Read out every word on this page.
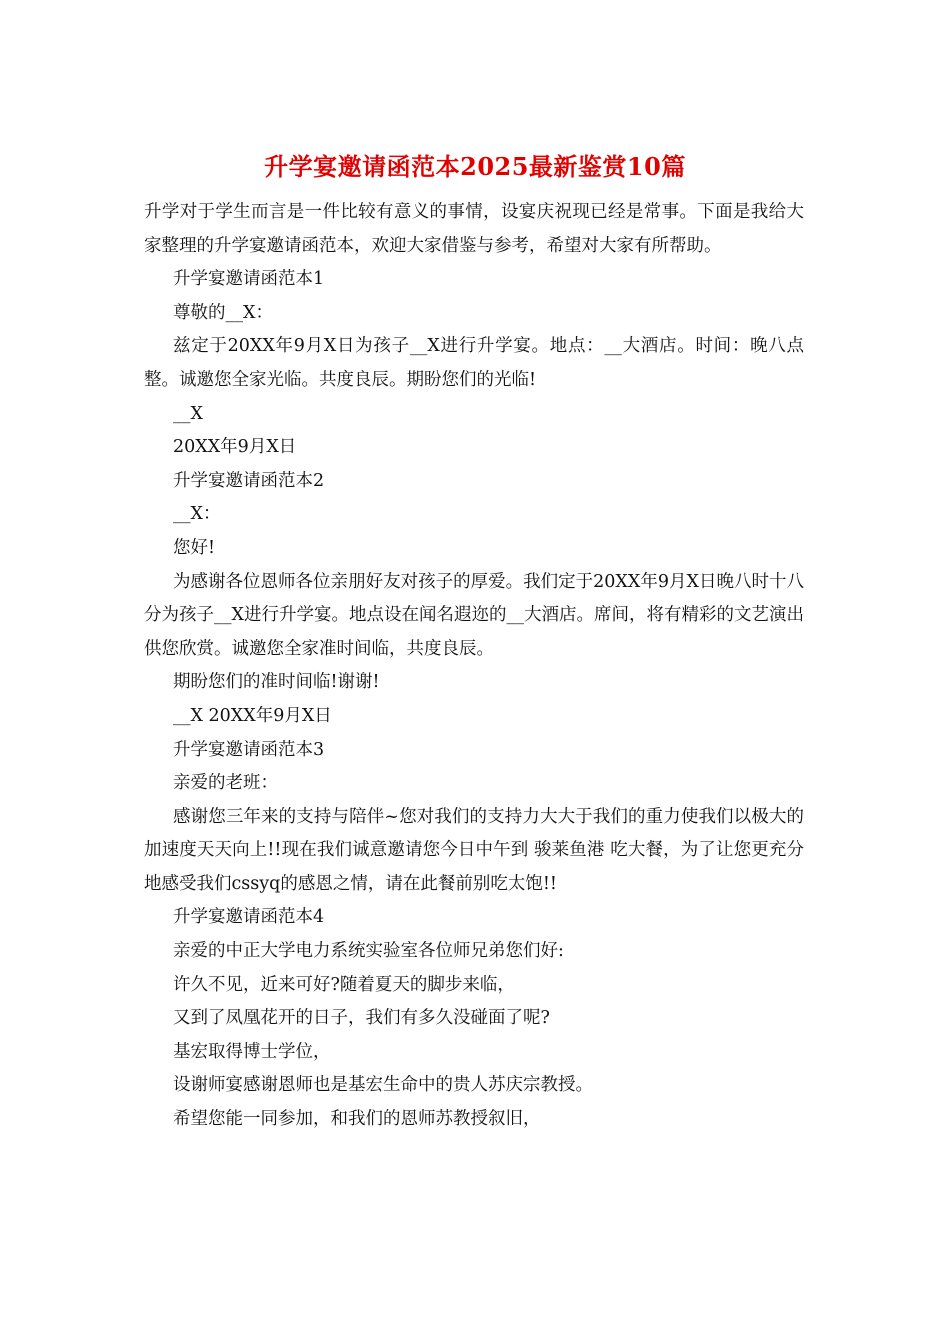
升学宴邀请函范本2025最新鉴赏10篇

升学对于学生而言是一件比较有意义的事情，设宴庆祝现已经是常事。下面是我给大家整理的升学宴邀请函范本，欢迎大家借鉴与参考，希望对大家有所帮助。

升学宴邀请函范本1

尊敬的__X：

兹定于20XX年9月X日为孩子__X进行升学宴。地点：__大酒店。时间：晚八点整。诚邀您全家光临。共度良辰。期盼您们的光临!

__X

20XX年9月X日

升学宴邀请函范本2

__X：

您好!

为感谢各位恩师各位亲朋好友对孩子的厚爱。我们定于20XX年9月X日晚八时十八分为孩子__X进行升学宴。地点设在闻名遐迩的__大酒店。席间，将有精彩的文艺演出供您欣赏。诚邀您全家准时间临，共度良辰。

期盼您们的准时间临!谢谢!

__X 20XX年9月X日

升学宴邀请函范本3

亲爱的老班：

感谢您三年来的支持与陪伴~您对我们的支持力大大于我们的重力使我们以极大的加速度天天向上!!现在我们诚意邀请您今日中午到 骏莱鱼港 吃大餐，为了让您更充分地感受我们cssyq的感恩之情，请在此餐前别吃太饱!!

升学宴邀请函范本4

亲爱的中正大学电力系统实验室各位师兄弟您们好:

许久不见，近来可好?随着夏天的脚步来临，

又到了凤凰花开的日子，我们有多久没碰面了呢?

基宏取得博士学位，

设谢师宴感谢恩师也是基宏生命中的贵人苏庆宗教授。

希望您能一同参加，和我们的恩师苏教授叙旧，
